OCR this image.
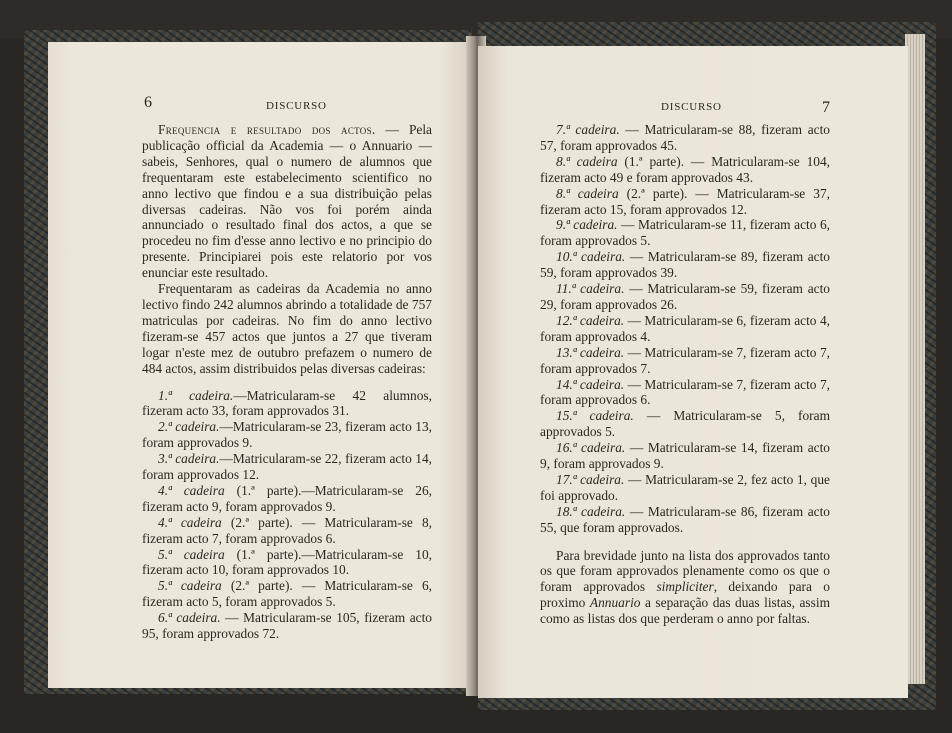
6	DISCURSO

Frequencia e resultado dos actos. — Pela publicação official da Academia — o Annuario — sabeis, Senhores, qual o numero de alumnos que frequentaram este estabelecimento scientifico no anno lectivo que findou e a sua distribuição pelas diversas cadeiras. Não vos foi porém ainda annunciado o resultado final dos actos, a que se procedeu no fim d'esse anno lectivo e no principio do presente. Principiarei pois este relatorio por vos enunciar este resultado.

Frequentaram as cadeiras da Academia no anno lectivo findo 242 alumnos abrindo a totalidade de 757 matriculas por cadeiras. No fim do anno lectivo fizeram-se 457 actos que juntos a 27 que tiveram logar n'este mez de outubro prefazem o numero de 484 actos, assim distribuidos pelas diversas cadeiras:

1.ª cadeira.—Matricularam-se 42 alumnos, fizeram acto 33, foram approvados 31.

2.ª cadeira.—Matricularam-se 23, fizeram acto 13, foram approvados 9.

3.ª cadeira.—Matricularam-se 22, fizeram acto 14, foram approvados 12.

4.ª cadeira (1.ª parte).—Matricularam-se 26, fizeram acto 9, foram approvados 9.

4.ª cadeira (2.ª parte). — Matricularam-se 8, fizeram acto 7, foram approvados 6.

5.ª cadeira (1.ª parte).—Matricularam-se 10, fizeram acto 10, foram approvados 10.

5.ª cadeira (2.ª parte). — Matricularam-se 6, fizeram acto 5, foram approvados 5.

6.ª cadeira. — Matricularam-se 105, fizeram acto 95, foram approvados 72.

DISCURSO	7

7.ª cadeira. — Matricularam-se 88, fizeram acto 57, foram approvados 45.

8.ª cadeira (1.ª parte). — Matricularam-se 104, fizeram acto 49 e foram approvados 43.

8.ª cadeira (2.ª parte). — Matricularam-se 37, fizeram acto 15, foram approvados 12.

9.ª cadeira. — Matricularam-se 11, fizeram acto 6, foram approvados 5.

10.ª cadeira. — Matricularam-se 89, fizeram acto 59, foram approvados 39.

11.ª cadeira. — Matricularam-se 59, fizeram acto 29, foram approvados 26.

12.ª cadeira. — Matricularam-se 6, fizeram acto 4, foram approvados 4.

13.ª cadeira. — Matricularam-se 7, fizeram acto 7, foram approvados 7.

14.ª cadeira. — Matricularam-se 7, fizeram acto 7, foram approvados 6.

15.ª cadeira. — Matricularam-se 5, foram approvados 5.

16.ª cadeira. — Matricularam-se 14, fizeram acto 9, foram approvados 9.

17.ª cadeira. — Matricularam-se 2, fez acto 1, que foi approvado.

18.ª cadeira. — Matricularam-se 86, fizeram acto 55, que foram approvados.

Para brevidade junto na lista dos approvados tanto os que foram approvados plenamente como os que o foram approvados simpliciter, deixando para o proximo Annuario a separação das duas listas, assim como as listas dos que perderam o anno por faltas.
